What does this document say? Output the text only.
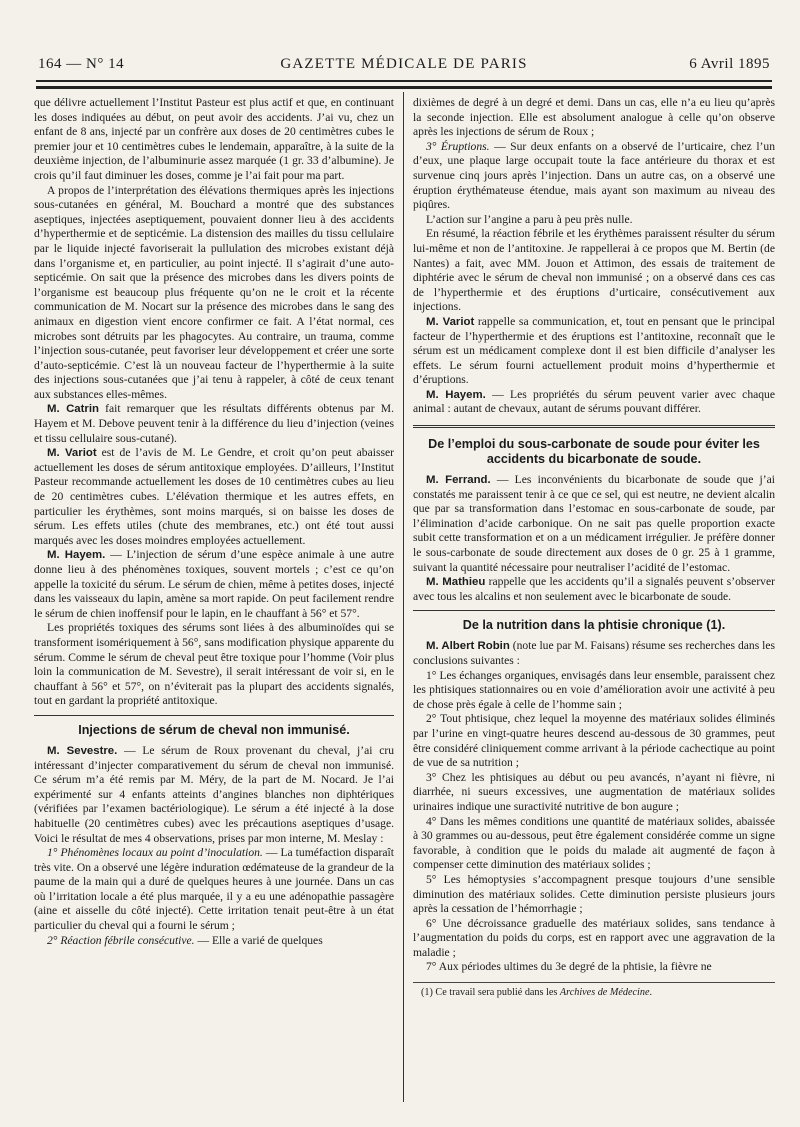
164 — N° 14	GAZETTE MÉDICALE DE PARIS	6 Avril 1895

que délivre actuellement l’Institut Pasteur est plus actif et que, en continuant les doses indiquées au début, on peut avoir des accidents. J’ai vu, chez un enfant de 8 ans, injecté par un confrère aux doses de 20 centimètres cubes le premier jour et 10 centimètres cubes le lendemain, apparaître, à la suite de la deuxième injection, de l’albuminurie assez marquée (1 gr. 33 d’albumine). Je crois qu’il faut diminuer les doses, comme je l’ai fait pour ma part.

A propos de l’interprétation des élévations thermiques après les injections sous-cutanées en général, M. Bouchard a montré que des substances aseptiques, injectées aseptiquement, pouvaient donner lieu à des accidents d’hyperthermie et de septicémie. La distension des mailles du tissu cellulaire par le liquide injecté favoriserait la pullulation des microbes existant déjà dans l’organisme et, en particulier, au point injecté. Il s’agirait d’une auto-septicémie. On sait que la présence des microbes dans les divers points de l’organisme est beaucoup plus fréquente qu’on ne le croit et la récente communication de M. Nocart sur la présence des microbes dans le sang des animaux en digestion vient encore confirmer ce fait. A l’état normal, ces microbes sont détruits par les phagocytes. Au contraire, un trauma, comme l’injection sous-cutanée, peut favoriser leur développement et créer une sorte d’auto-septicémie. C’est là un nouveau facteur de l’hyperthermie à la suite des injections sous-cutanées que j’ai tenu à rappeler, à côté de ceux tenant aux substances elles-mêmes.

M. Catrin fait remarquer que les résultats différents obtenus par M. Hayem et M. Debove peuvent tenir à la différence du lieu d’injection (veines et tissu cellulaire sous-cutané).

M. Variot est de l’avis de M. Le Gendre, et croit qu’on peut abaisser actuellement les doses de sérum antitoxique employées. D’ailleurs, l’Institut Pasteur recommande actuellement les doses de 10 centimètres cubes au lieu de 20 centimètres cubes. L’élévation thermique et les autres effets, en particulier les érythèmes, sont moins marqués, si on baisse les doses de sérum. Les effets utiles (chute des membranes, etc.) ont été tout aussi marqués avec les doses moindres employées actuellement.

M. Hayem. — L’injection de sérum d’une espèce animale à une autre donne lieu à des phénomènes toxiques, souvent mortels ; c’est ce qu’on appelle la toxicité du sérum. Le sérum de chien, même à petites doses, injecté dans les vaisseaux du lapin, amène sa mort rapide. On peut facilement rendre le sérum de chien inoffensif pour le lapin, en le chauffant à 56° et 57°.

Les propriétés toxiques des sérums sont liées à des albuminoïdes qui se transforment isomériquement à 56°, sans modification physique apparente du sérum. Comme le sérum de cheval peut être toxique pour l’homme (Voir plus loin la communication de M. Sevestre), il serait intéressant de voir si, en le chauffant à 56° et 57°, on n’éviterait pas la plupart des accidents signalés, tout en gardant la propriété antitoxique.

Injections de sérum de cheval non immunisé.

M. Sevestre. — Le sérum de Roux provenant du cheval, j’ai cru intéressant d’injecter comparativement du sérum de cheval non immunisé. Ce sérum m’a été remis par M. Méry, de la part de M. Nocard. Je l’ai expérimenté sur 4 enfants atteints d’angines blanches non diphtériques (vérifiées par l’examen bactériologique). Le sérum a été injecté à la dose habituelle (20 centimètres cubes) avec les précautions aseptiques d’usage. Voici le résultat de mes 4 observations, prises par mon interne, M. Meslay :

1° Phénomènes locaux au point d’inoculation. — La tuméfaction disparaît très vite. On a observé une légère induration œdémateuse de la grandeur de la paume de la main qui a duré de quelques heures à une journée. Dans un cas où l’irritation locale a été plus marquée, il y a eu une adénopathie passagère (aine et aisselle du côté injecté). Cette irritation tenait peut-être à un état particulier du cheval qui a fourni le sérum ;

2° Réaction fébrile consécutive. — Elle a varié de quelques

dixièmes de degré à un degré et demi. Dans un cas, elle n’a eu lieu qu’après la seconde injection. Elle est absolument analogue à celle qu’on observe après les injections de sérum de Roux ;

3° Éruptions. — Sur deux enfants on a observé de l’urticaire, chez l’un d’eux, une plaque large occupait toute la face antérieure du thorax et est survenue cinq jours après l’injection. Dans un autre cas, on a observé une éruption érythémateuse étendue, mais ayant son maximum au niveau des piqûres.

L’action sur l’angine a paru à peu près nulle.

En résumé, la réaction fébrile et les érythèmes paraissent résulter du sérum lui-même et non de l’antitoxine. Je rappellerai à ce propos que M. Bertin (de Nantes) a fait, avec MM. Jouon et Attimon, des essais de traitement de diphtérie avec le sérum de cheval non immunisé ; on a observé dans ces cas de l’hyperthermie et des éruptions d’urticaire, consécutivement aux injections.

M. Variot rappelle sa communication, et, tout en pensant que le principal facteur de l’hyperthermie et des éruptions est l’antitoxine, reconnaît que le sérum est un médicament complexe dont il est bien difficile d’analyser les effets. Le sérum fourni actuellement produit moins d’hyperthermie et d’éruptions.

M. Hayem. — Les propriétés du sérum peuvent varier avec chaque animal : autant de chevaux, autant de sérums pouvant différer.

De l’emploi du sous-carbonate de soude pour éviter les accidents du bicarbonate de soude.

M. Ferrand. — Les inconvénients du bicarbonate de soude que j’ai constatés me paraissent tenir à ce que ce sel, qui est neutre, ne devient alcalin que par sa transformation dans l’estomac en sous-carbonate de soude, par l’élimination d’acide carbonique. On ne sait pas quelle proportion exacte subit cette transformation et on a un médicament irrégulier. Je préfère donner le sous-carbonate de soude directement aux doses de 0 gr. 25 à 1 gramme, suivant la quantité nécessaire pour neutraliser l’acidité de l’estomac.

M. Mathieu rappelle que les accidents qu’il a signalés peuvent s’observer avec tous les alcalins et non seulement avec le bicarbonate de soude.

De la nutrition dans la phtisie chronique (1).

M. Albert Robin (note lue par M. Faisans) résume ses recherches dans les conclusions suivantes :

1° Les échanges organiques, envisagés dans leur ensemble, paraissent chez les phtisiques stationnaires ou en voie d’amélioration avoir une activité à peu de chose près égale à celle de l’homme sain ;

2° Tout phtisique, chez lequel la moyenne des matériaux solides éliminés par l’urine en vingt-quatre heures descend au-dessous de 30 grammes, peut être considéré cliniquement comme arrivant à la période cachectique au point de vue de sa nutrition ;

3° Chez les phtisiques au début ou peu avancés, n’ayant ni fièvre, ni diarrhée, ni sueurs excessives, une augmentation de matériaux solides urinaires indique une suractivité nutritive de bon augure ;

4° Dans les mêmes conditions une quantité de matériaux solides, abaissée à 30 grammes ou au-dessous, peut être également considérée comme un signe favorable, à condition que le poids du malade ait augmenté de façon à compenser cette diminution des matériaux solides ;

5° Les hémoptysies s’accompagnent presque toujours d’une sensible diminution des matériaux solides. Cette diminution persiste plusieurs jours après la cessation de l’hémorrhagie ;

6° Une décroissance graduelle des matériaux solides, sans tendance à l’augmentation du poids du corps, est en rapport avec une aggravation de la maladie ;

7° Aux périodes ultimes du 3e degré de la phtisie, la fièvre ne

(1) Ce travail sera publié dans les Archives de Médecine.
